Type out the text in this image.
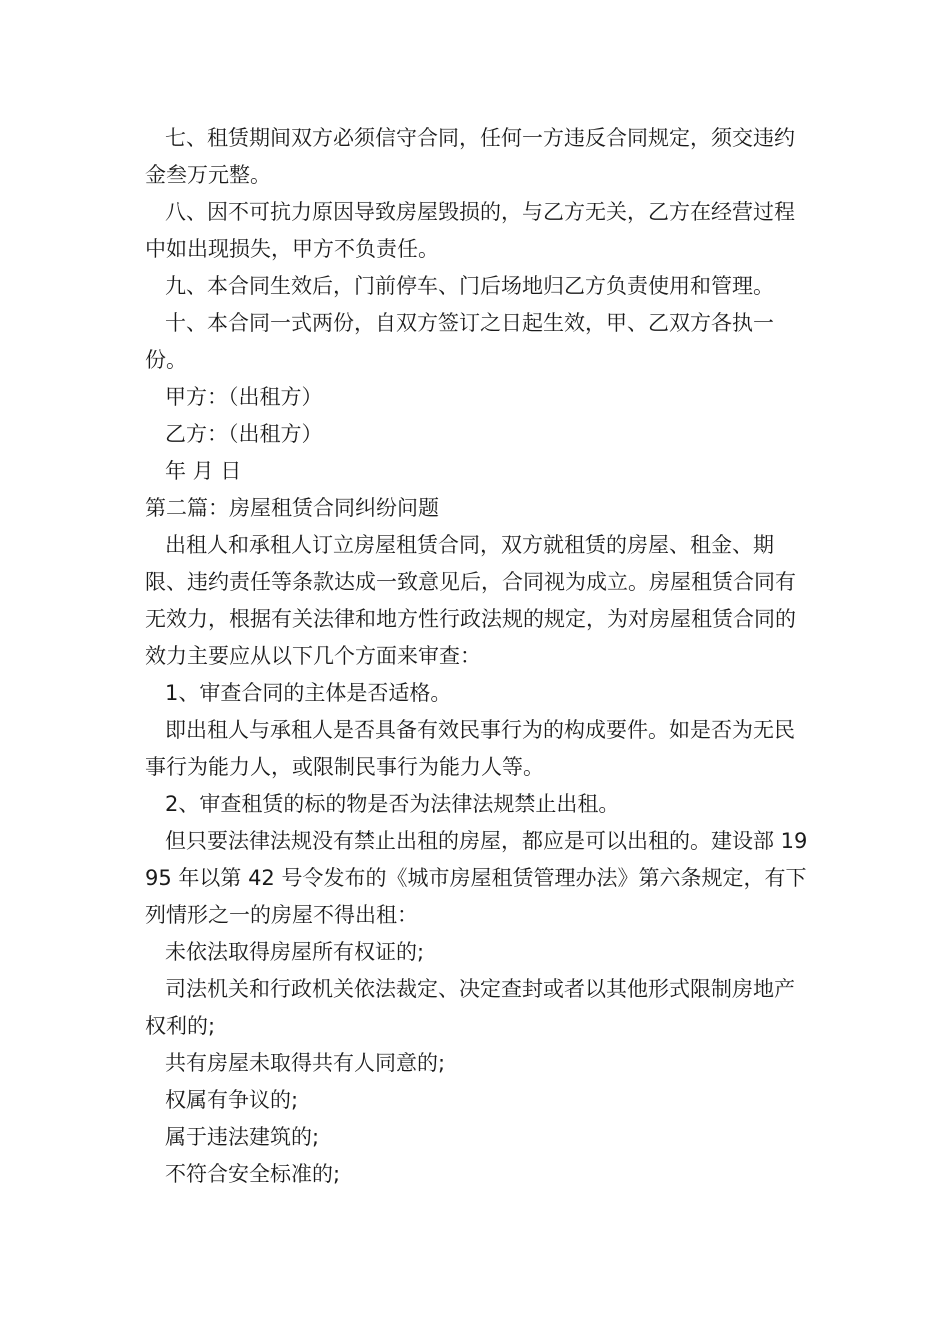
七、租赁期间双方必须信守合同，任何一方违反合同规定，须交违约金叁万元整。

八、因不可抗力原因导致房屋毁损的，与乙方无关，乙方在经营过程中如出现损失，甲方不负责任。

九、本合同生效后，门前停车、门后场地归乙方负责使用和管理。

十、本合同一式两份，自双方签订之日起生效，甲、乙双方各执一份。

甲方：（出租方）

乙方：（出租方）

年 月 日

第二篇：房屋租赁合同纠纷问题

出租人和承租人订立房屋租赁合同，双方就租赁的房屋、租金、期限、违约责任等条款达成一致意见后，合同视为成立。房屋租赁合同有无效力，根据有关法律和地方性行政法规的规定，为对房屋租赁合同的效力主要应从以下几个方面来审查：

1、审查合同的主体是否适格。

即出租人与承租人是否具备有效民事行为的构成要件。如是否为无民事行为能力人，或限制民事行为能力人等。

2、审查租赁的标的物是否为法律法规禁止出租。

但只要法律法规没有禁止出租的房屋，都应是可以出租的。建设部 1995 年以第 42 号令发布的《城市房屋租赁管理办法》第六条规定，有下列情形之一的房屋不得出租：

未依法取得房屋所有权证的;

司法机关和行政机关依法裁定、决定查封或者以其他形式限制房地产权利的;

共有房屋未取得共有人同意的;

权属有争议的;

属于违法建筑的;

不符合安全标准的;
